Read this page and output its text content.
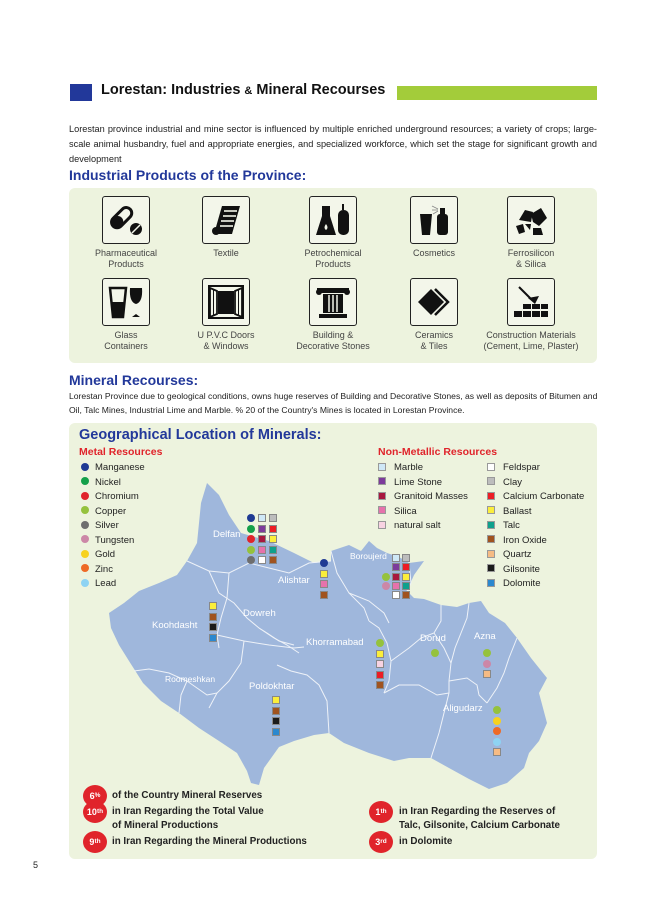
Lorestan: Industries & Mineral Recourses

Lorestan province industrial and mine sector is influenced by multiple enriched underground resources; a variety of crops; large-scale animal husbandry, fuel and appropriate energies, and specialized workforce, which set the stage for significant growth and development

Industrial Products of the Province:
Pharmaceutical
Products
Textile	Petrochemical
Products
Cosmetics	Ferrosilicon
& Silica
Glass
Containers
U P.V.C Doors
& Windows
Building &
Decorative Stones
Ceramics
& Tiles
Construction Materials
(Cement, Lime, Plaster)
Mineral Recourses:

Lorestan Province due to geological conditions, owns huge reserves of Building and Decorative Stones, as well as deposits of Bitumen and Oil, Talc Mines, Industrial Lime and Marble. % 20 of the Country's Mines is located in Lorestan Province.

Geographical Location of Minerals:
Metal Resources	Non-Metallic Resources
Manganese
Nickel
Chromium
Copper
Silver
Tungsten
Gold
Zinc
Lead
Marble
Lime Stone
Granitoid Masses
Silica
natural salt
Feldspar
Clay
Calcium Carbonate
Ballast
Talc
Iron Oxide
Quartz
Gilsonite
Dolomite
Delfan
Alishtar
Boroujerd
Koohdasht
Dowreh
Khorramabad	Dorud	Azna
Roomeshkan
Poldokhtar
Aligudarz
6 % of the Country Mineral Reserves
10 th in Iran Regarding the Total Value
of Mineral Productions
9 th in Iran Regarding the Mineral Productions
1 th in Iran Regarding the Reserves of
Talc, Gilsonite, Calcium Carbonate
3 rd in Dolomite
5
